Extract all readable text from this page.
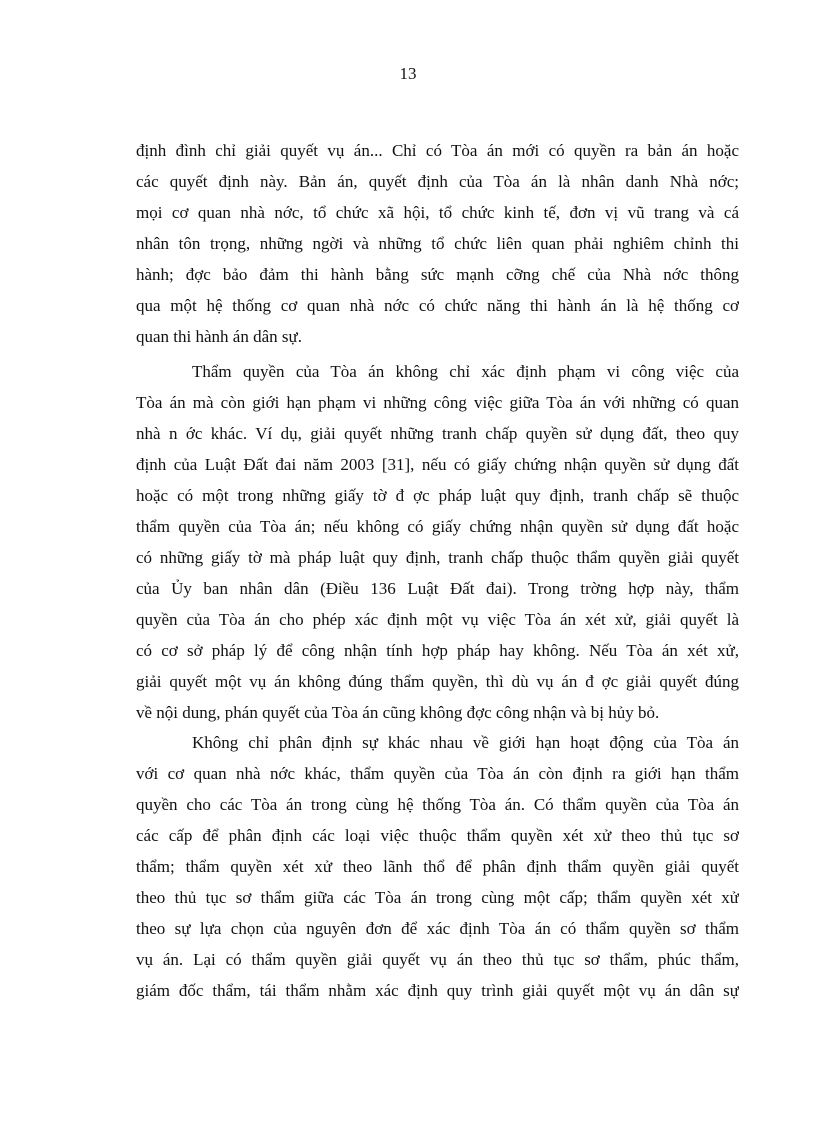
13
định đình chỉ giải quyết vụ án... Chỉ có Tòa án mới có quyền ra bản án hoặc
các quyết định này. Bản án, quyết định của Tòa án là nhân danh Nhà nớc;
mọi cơ quan nhà nớc, tổ chức xã hội, tổ chức kinh tế, đơn vị vũ trang và cá
nhân tôn trọng, những ngời và những tổ chức liên quan phải nghiêm chỉnh thi
hành; đợc bảo đảm thi hành bằng sức mạnh cỡng chế của Nhà nớc thông
qua một hệ thống cơ quan nhà nớc có chức năng thi hành án là hệ thống cơ
quan thi hành án dân sự.
Thẩm quyền của Tòa án không chỉ xác định phạm vi công việc của
Tòa án mà còn giới hạn phạm vi những công việc giữa Tòa án với những có quan
nhà n ớc khác. Ví dụ, giải quyết những tranh chấp quyền sử dụng đất, theo quy
định của Luật Đất đai năm 2003 [31], nếu có giấy chứng nhận quyền sử dụng đất
hoặc có một trong những giấy tờ đ ợc pháp luật quy định, tranh chấp sẽ thuộc
thẩm quyền của Tòa án; nếu không có giấy chứng nhận quyền sử dụng đất hoặc
có những giấy tờ mà pháp luật quy định, tranh chấp thuộc thẩm quyền giải quyết
của Ủy ban nhân dân (Điều 136 Luật Đất đai). Trong trờng hợp này, thẩm
quyền của Tòa án cho phép xác định một vụ việc Tòa án xét xử, giải quyết là
có cơ sở pháp lý để công nhận tính hợp pháp hay không. Nếu Tòa án xét xử,
giải quyết một vụ án không đúng thẩm quyền, thì dù vụ án đ ợc giải quyết đúng
về nội dung, phán quyết của Tòa án cũng không đợc công nhận và bị hủy bỏ.
Không chỉ phân định sự khác nhau về giới hạn hoạt động của Tòa án
với cơ quan nhà nớc khác, thẩm quyền của Tòa án còn định ra giới hạn thẩm
quyền cho các Tòa án trong cùng hệ thống Tòa án. Có thẩm quyền của Tòa án
các cấp để phân định các loại việc thuộc thẩm quyền xét xử theo thủ tục sơ
thẩm; thẩm quyền xét xử theo lãnh thổ để phân định thẩm quyền giải quyết
theo thủ tục sơ thẩm giữa các Tòa án trong cùng một cấp; thẩm quyền xét xử
theo sự lựa chọn của nguyên đơn để xác định Tòa án có thẩm quyền sơ thẩm
vụ án. Lại có thẩm quyền giải quyết vụ án theo thủ tục sơ thẩm, phúc thẩm,
giám đốc thẩm, tái thẩm nhằm xác định quy trình giải quyết một vụ án dân sự
